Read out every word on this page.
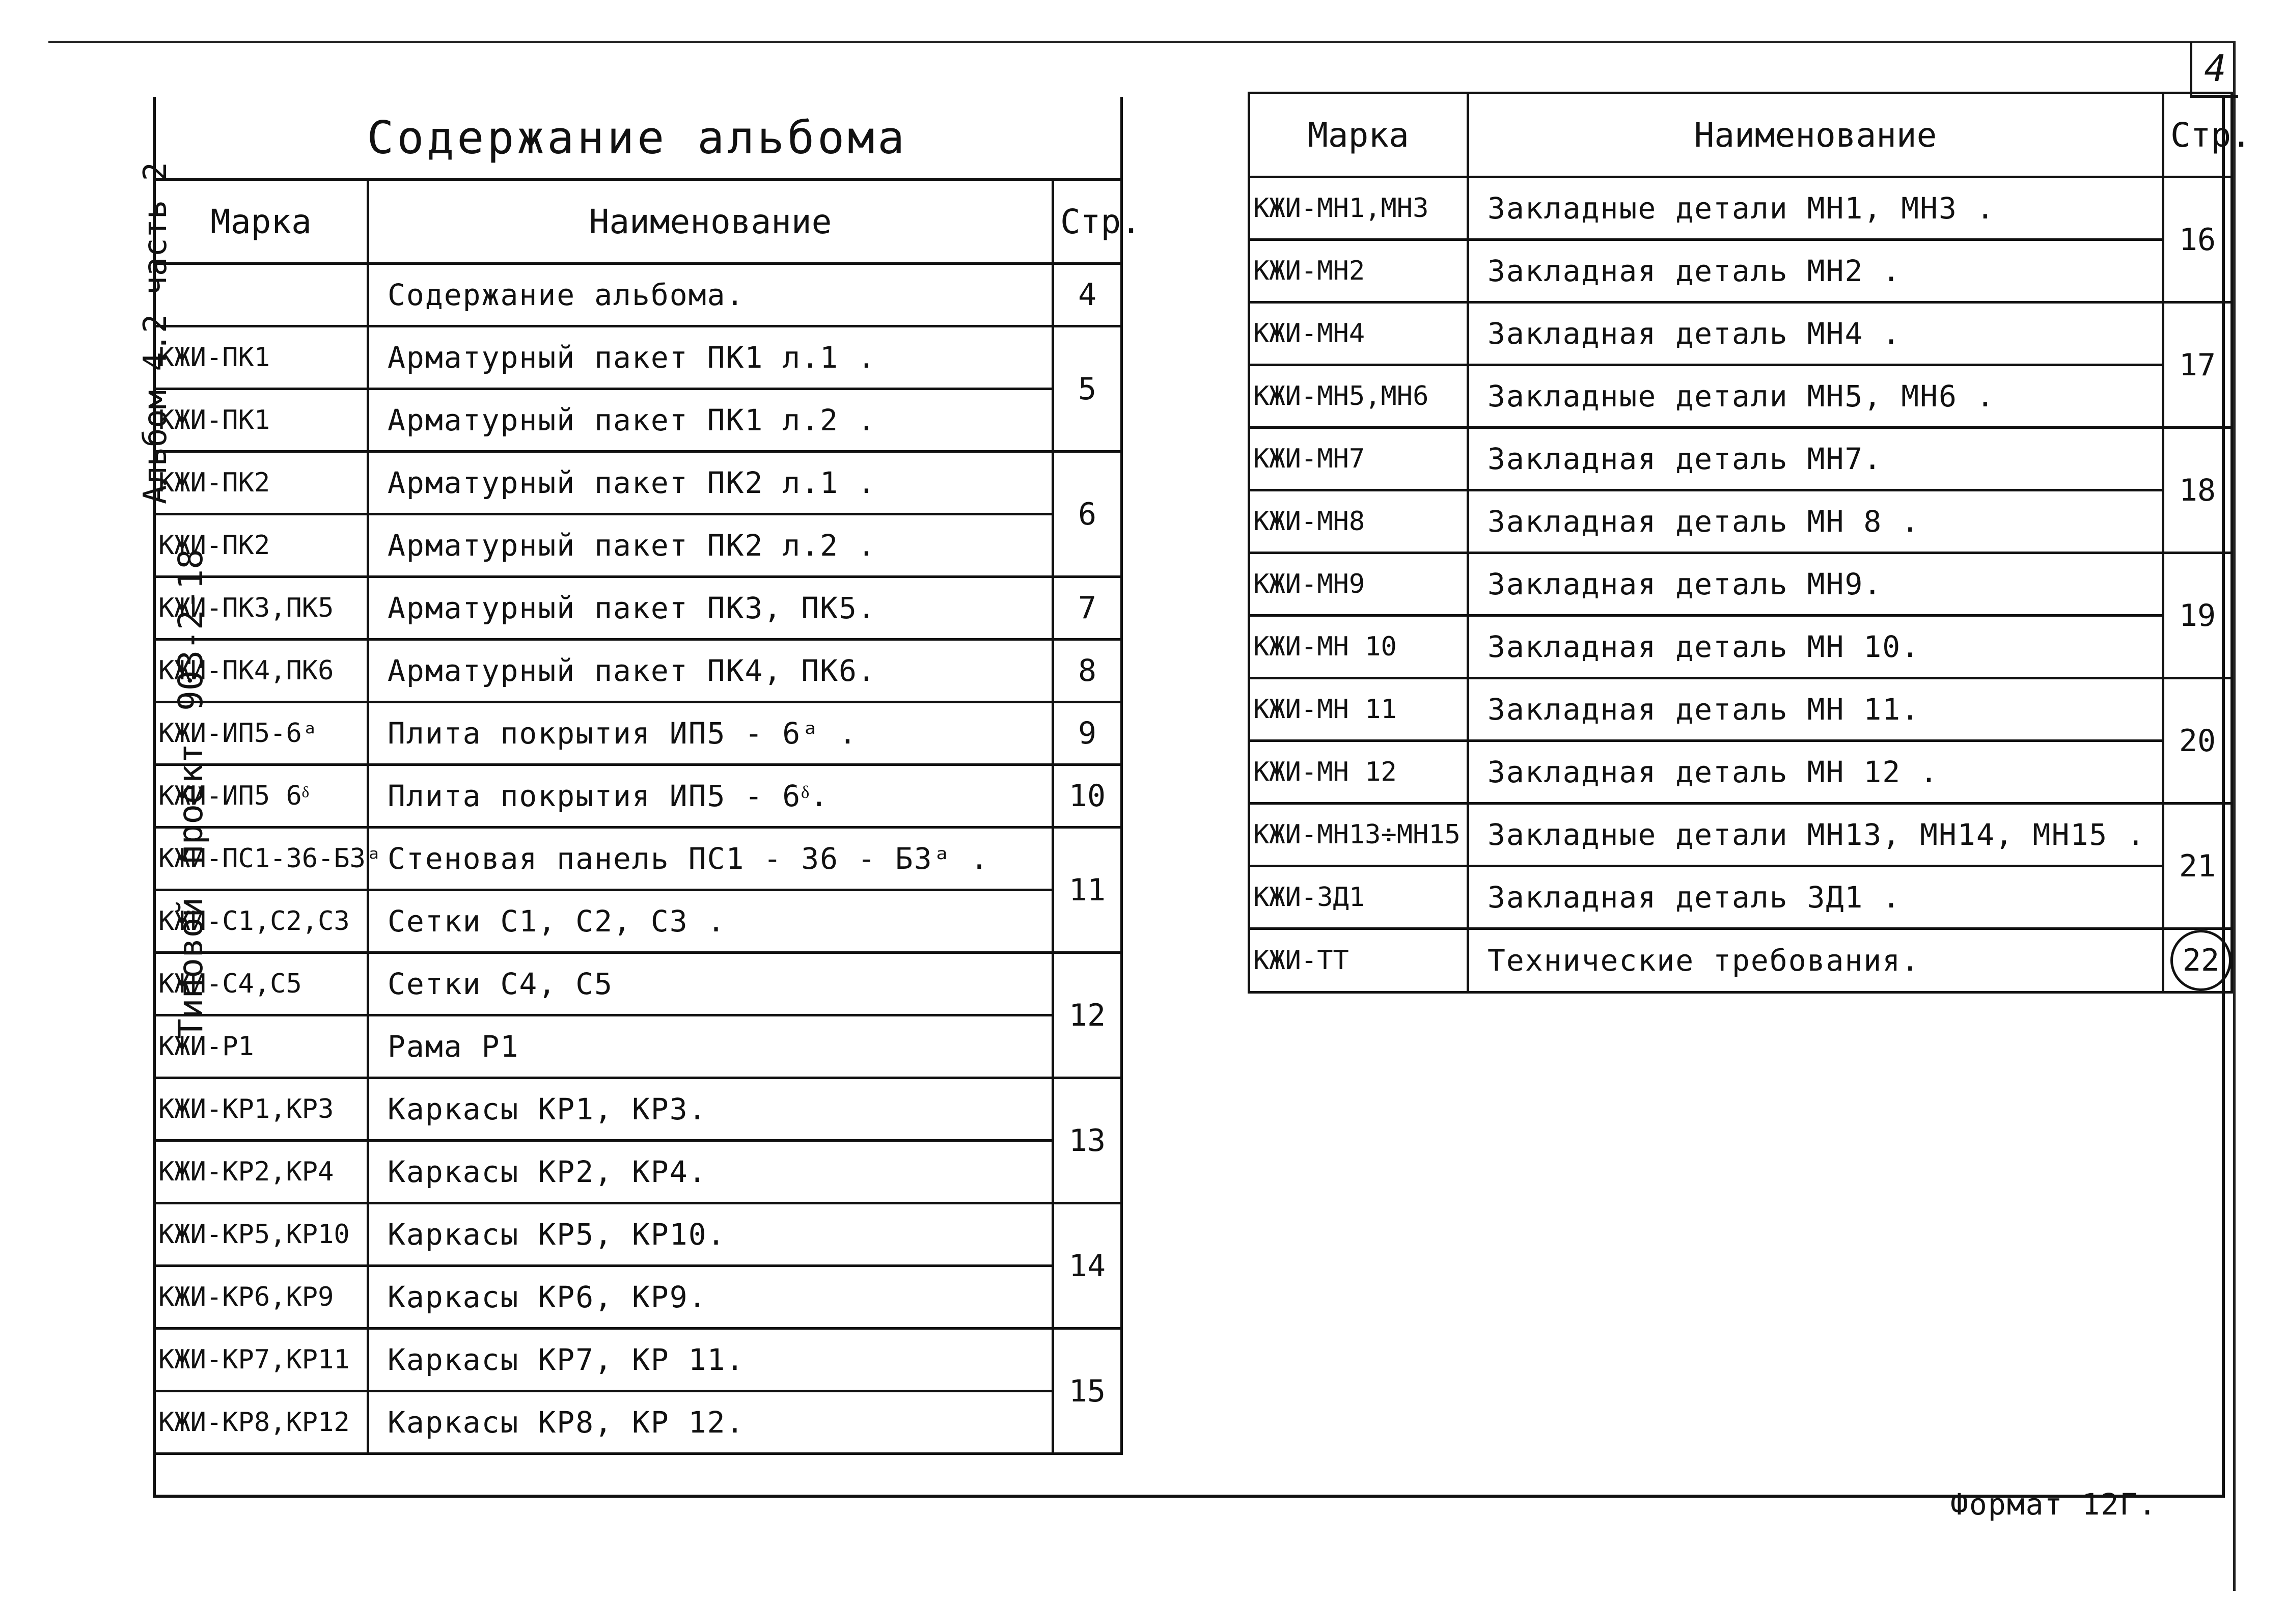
4
Альбом 4.2 часть 2
Типовой проект 903-2-18
Содержание альбома		
Марка	Наименование	Стр.
	Содержание альбома.	4
КЖИ-ПК1	Арматурный пакет ПК1 л.1 .	5
КЖИ-ПК1	Арматурный пакет ПК1 л.2 .	
КЖИ-ПК2	Арматурный пакет ПК2 л.1 .	6
КЖИ-ПК2	Арматурный пакет ПК2 л.2 .	
КЖИ-ПК3,ПК5	Арматурный пакет ПК3, ПК5.	7
КЖИ-ПК4,ПК6	Арматурный пакет ПК4, ПК6.	8
КЖИ-ИП5-6ᵃ	Плита покрытия ИП5 - 6ᵃ .	9
КЖИ-ИП5 6ᵟ	Плита покрытия ИП5 - 6ᵟ.	10
КЖИ-ПС1-36-Б3ᵃ	Стеновая панель ПС1 - 36 - Б3ᵃ .	11
КЖИ-С1,С2,С3	Сетки С1, С2, С3 .	
КЖИ-С4,С5	Сетки С4, С5	12
КЖИ-Р1	Рама Р1	
КЖИ-КР1,КР3	Каркасы КР1, КР3.	13
КЖИ-КР2,КР4	Каркасы КР2, КР4.	
КЖИ-КР5,КР10	Каркасы КР5, КР10.	14
КЖИ-КР6,КР9	Каркасы КР6, КР9.	
КЖИ-КР7,КР11	Каркасы КР7, КР 11.	15
КЖИ-КР8,КР12	Каркасы КР8, КР 12.	
Марка	Наименование	Стр.
КЖИ-МН1,МН3	Закладные детали МН1, МН3 .	16
КЖИ-МН2	Закладная деталь МН2 .	
КЖИ-МН4	Закладная деталь МН4 .	17
КЖИ-МН5,МН6	Закладные детали МН5, МН6 .	
КЖИ-МН7	Закладная деталь МН7.	18
КЖИ-МН8	Закладная деталь МН 8 .	
КЖИ-МН9	Закладная деталь МН9.	19
КЖИ-МН 10	Закладная деталь МН 10.	
КЖИ-МН 11	Закладная деталь МН 11.	20
КЖИ-МН 12	Закладная деталь МН 12 .	
КЖИ-МН13÷МН15	Закладные детали МН13, МН14, МН15 .	21
КЖИ-3Д1	Закладная деталь 3Д1 .	
КЖИ-ТТ	Технические требования.	22
Формат 12Г.
